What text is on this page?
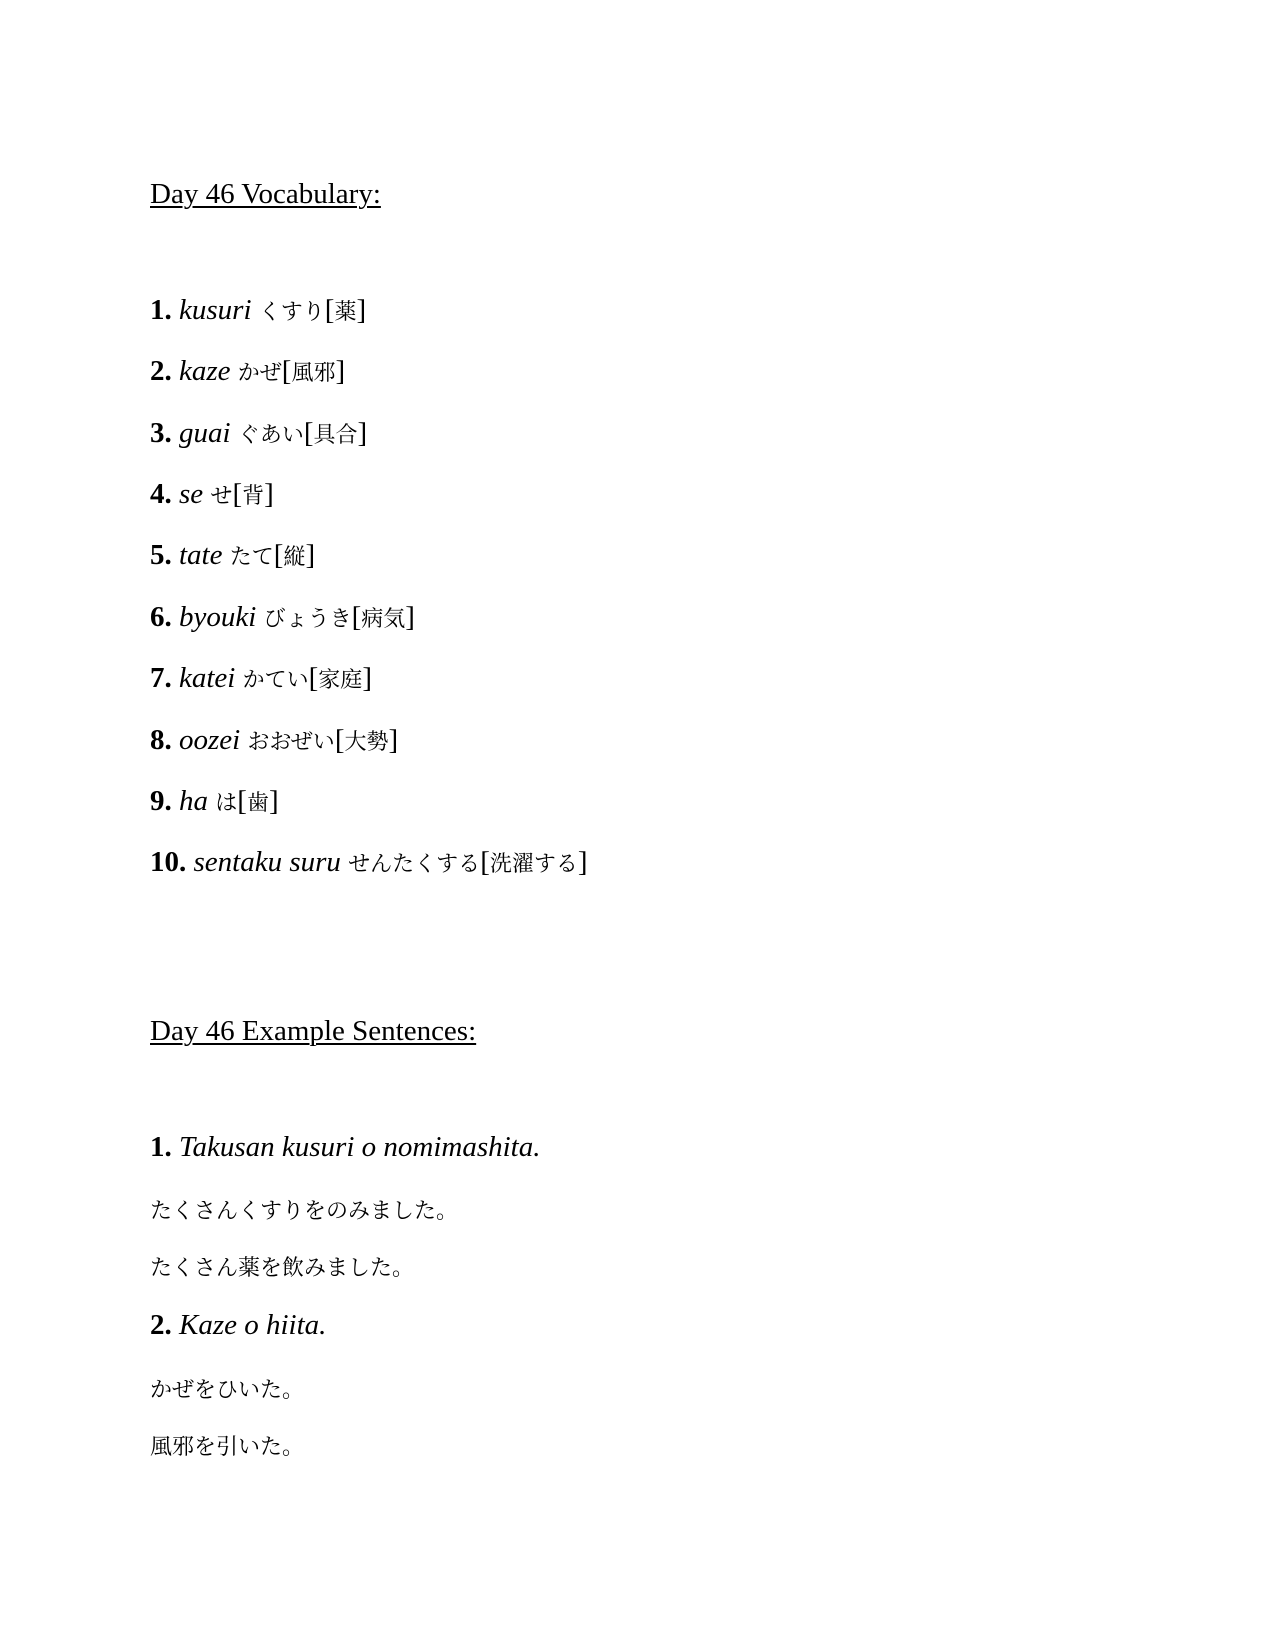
Day 46 Vocabulary:
1. kusuri くすり[薬]
2. kaze かぜ[風邪]
3. guai ぐあい[具合]
4. se せ[背]
5. tate たて[縦]
6. byouki びょうき[病気]
7. katei かてい[家庭]
8. oozei おおぜい[大勢]
9. ha は[歯]
10. sentaku suru せんたくする[洗濯する]
Day 46 Example Sentences:
1. Takusan kusuri o nomimashita.
たくさんくすりをのみました。
たくさん薬を飲みました。
2. Kaze o hiita.
かぜをひいた。
風邪を引いた。
